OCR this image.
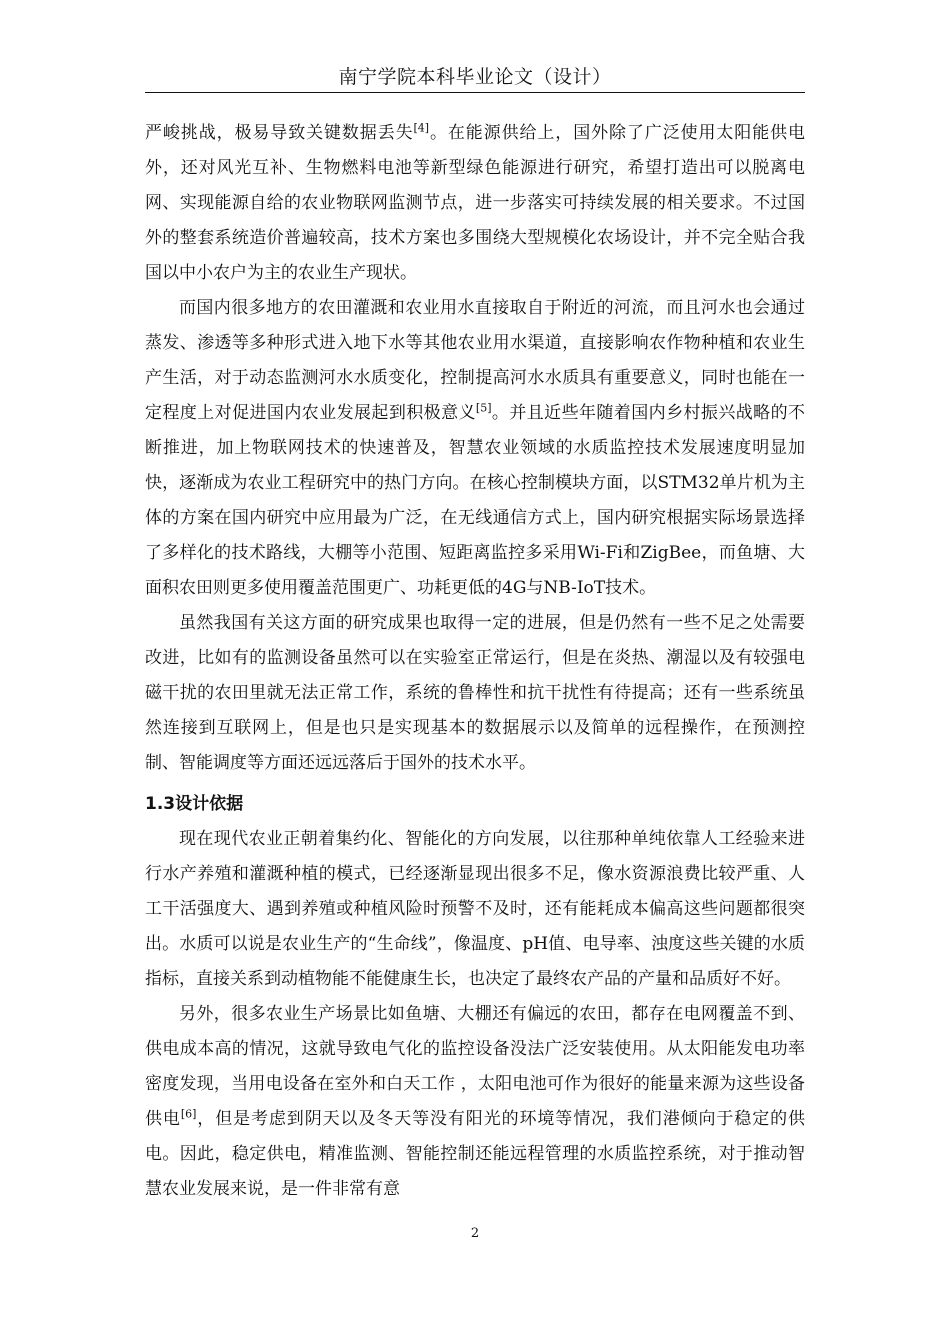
南宁学院本科毕业论文（设计）

严峻挑战，极易导致关键数据丢失[4]。在能源供给上，国外除了广泛使用太阳能供电外，还对风光互补、生物燃料电池等新型绿色能源进行研究，希望打造出可以脱离电网、实现能源自给的农业物联网监测节点，进一步落实可持续发展的相关要求。不过国外的整套系统造价普遍较高，技术方案也多围绕大型规模化农场设计，并不完全贴合我国以中小农户为主的农业生产现状。

而国内很多地方的农田灌溉和农业用水直接取自于附近的河流，而且河水也会通过蒸发、渗透等多种形式进入地下水等其他农业用水渠道，直接影响农作物种植和农业生产生活，对于动态监测河水水质变化，控制提高河水水质具有重要意义，同时也能在一定程度上对促进国内农业发展起到积极意义[5]。并且近些年随着国内乡村振兴战略的不断推进，加上物联网技术的快速普及，智慧农业领域的水质监控技术发展速度明显加快，逐渐成为农业工程研究中的热门方向。在核心控制模块方面，以STM32单片机为主体的方案在国内研究中应用最为广泛，在无线通信方式上，国内研究根据实际场景选择了多样化的技术路线，大棚等小范围、短距离监控多采用Wi-Fi和ZigBee，而鱼塘、大面积农田则更多使用覆盖范围更广、功耗更低的4G与NB-IoT技术。

虽然我国有关这方面的研究成果也取得一定的进展，但是仍然有一些不足之处需要改进，比如有的监测设备虽然可以在实验室正常运行，但是在炎热、潮湿以及有较强电磁干扰的农田里就无法正常工作，系统的鲁棒性和抗干扰性有待提高；还有一些系统虽然连接到互联网上，但是也只是实现基本的数据展示以及简单的远程操作，在预测控制、智能调度等方面还远远落后于国外的技术水平。

1.3设计依据

现在现代农业正朝着集约化、智能化的方向发展，以往那种单纯依靠人工经验来进行水产养殖和灌溉种植的模式，已经逐渐显现出很多不足，像水资源浪费比较严重、人工干活强度大、遇到养殖或种植风险时预警不及时，还有能耗成本偏高这些问题都很突出。水质可以说是农业生产的“生命线”，像温度、pH值、电导率、浊度这些关键的水质指标，直接关系到动植物能不能健康生长，也决定了最终农产品的产量和品质好不好。

另外，很多农业生产场景比如鱼塘、大棚还有偏远的农田，都存在电网覆盖不到、供电成本高的情况，这就导致电气化的监控设备没法广泛安装使用。从太阳能发电功率密度发现，当用电设备在室外和白天工作 ，太阳电池可作为很好的能量来源为这些设备供电[6]，但是考虑到阴天以及冬天等没有阳光的环境等情况，我们港倾向于稳定的供电。因此，稳定供电，精准监测、智能控制还能远程管理的水质监控系统，对于推动智慧农业发展来说，是一件非常有意

2
